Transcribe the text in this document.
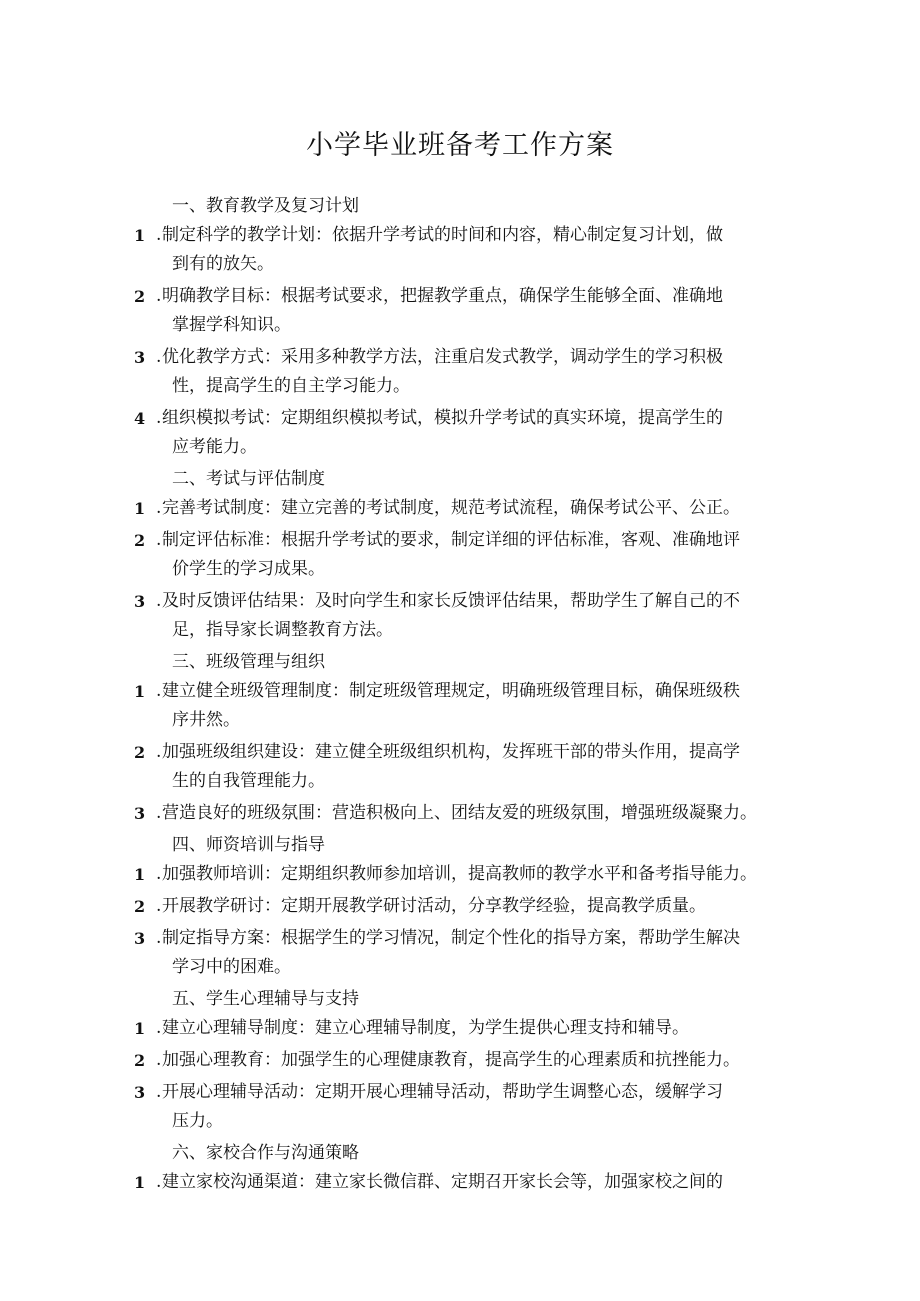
小学毕业班备考工作方案
一、教育教学及复习计划
1 . 制定科学的教学计划：依据升学考试的时间和内容，精心制定复习计划，做
到有的放矢。
2 . 明确教学目标：根据考试要求，把握教学重点，确保学生能够全面、准确地
掌握学科知识。
3 . 优化教学方式：采用多种教学方法，注重启发式教学，调动学生的学习积极
性，提高学生的自主学习能力。
4 . 组织模拟考试：定期组织模拟考试，模拟升学考试的真实环境，提高学生的
应考能力。
二、考试与评估制度
1 . 完善考试制度：建立完善的考试制度，规范考试流程，确保考试公平、公正。
2 . 制定评估标准：根据升学考试的要求，制定详细的评估标准，客观、准确地评
价学生的学习成果。
3 . 及时反馈评估结果：及时向学生和家长反馈评估结果，帮助学生了解自己的不
足，指导家长调整教育方法。
三、班级管理与组织
1 . 建立健全班级管理制度：制定班级管理规定，明确班级管理目标，确保班级秩
序井然。
2 . 加强班级组织建设：建立健全班级组织机构，发挥班干部的带头作用，提高学
生的自我管理能力。
3 . 营造良好的班级氛围：营造积极向上、团结友爱的班级氛围，增强班级凝聚力。
四、师资培训与指导
1 . 加强教师培训：定期组织教师参加培训，提高教师的教学水平和备考指导能力。
2 . 开展教学研讨：定期开展教学研讨活动，分享教学经验，提高教学质量。
3 . 制定指导方案：根据学生的学习情况，制定个性化的指导方案，帮助学生解决
学习中的困难。
五、学生心理辅导与支持
1 . 建立心理辅导制度：建立心理辅导制度，为学生提供心理支持和辅导。
2 . 加强心理教育：加强学生的心理健康教育，提高学生的心理素质和抗挫能力。
3 . 开展心理辅导活动：定期开展心理辅导活动，帮助学生调整心态，缓解学习
压力。
六、家校合作与沟通策略
1 . 建立家校沟通渠道：建立家长微信群、定期召开家长会等，加强家校之间的
